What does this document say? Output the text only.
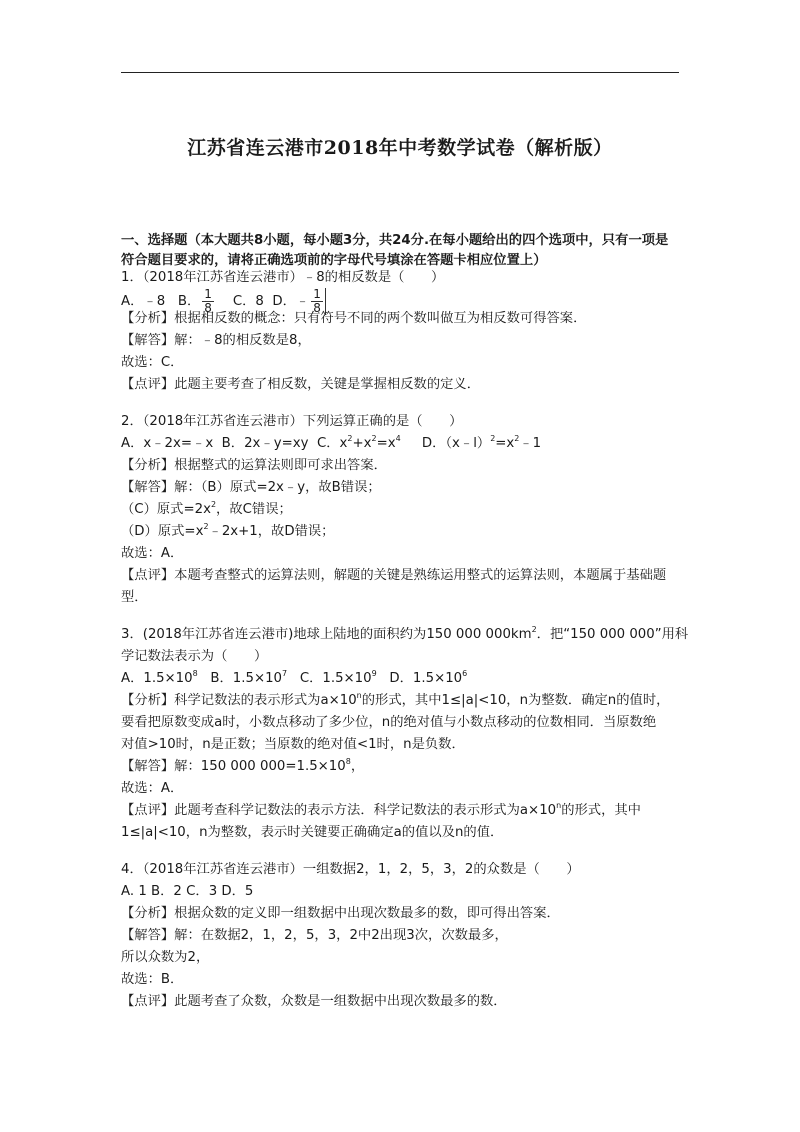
江苏省连云港市2018年中考数学试卷（解析版）
一、选择题（本大题共8小题，每小题3分，共24分.在每小题给出的四个选项中，只有一项是
符合题目要求的，请将正确选项前的字母代号填涂在答题卡相应位置上）
1．（2018年江苏省连云港市）﹣8的相反数是（　　）
A．﹣8 B． $\frac{1}{8}$ C．8 D．﹣ $\frac{1}{8}$
【分析】根据相反数的概念：只有符号不同的两个数叫做互为相反数可得答案．
【解答】解：﹣8的相反数是8，
故选：C．
【点评】此题主要考查了相反数，关键是掌握相反数的定义．
2．（2018年江苏省连云港市）下列运算正确的是（　　）
A．x﹣2x=﹣x B．2x﹣y=xy C．$x^2+x^2=x^4$ D．$(x﹣l)^2=x^2﹣1$
【分析】根据整式的运算法则即可求出答案．
【解答】解：（B）原式=2x﹣y，故B错误；
（C）原式$=2x^2$，故C错误；
（D）原式$=x^2﹣2x+1$，故D错误；
故选：A．
【点评】本题考查整式的运算法则，解题的关键是熟练运用整式的运算法则，本题属于基础题
型．
3．(2018年江苏省连云港市)地球上陆地的面积约为150 000 $000km^2$．把“150 000 000”用科
学记数法表示为（　　）
A．$1.5\times 10^8$ B．$1.5\times 10^7$ C．$1.5\times 10^9$ D．$1.5\times 10^6$
【分析】科学记数法的表示形式为$a\times 10^n$的形式，其中1≤|a|<10，n为整数．确定n的值时，
要看把原数变成a时，小数点移动了多少位，n的绝对值与小数点移动的位数相同．当原数绝
对值>10时，n是正数；当原数的绝对值<1时，n是负数．
【解答】解：150 000 $000=1.5\times 10^8$，
故选：A．
【点评】此题考查科学记数法的表示方法．科学记数法的表示形式为$a\times 10^n$的形式，其中
1≤|a|<10，n为整数，表示时关键要正确确定a的值以及n的值．
4．（2018年江苏省连云港市）一组数据2，1，2，5，3，2的众数是（　　）
A. 1 B．2 C．3 D．5
【分析】根据众数的定义即一组数据中出现次数最多的数，即可得出答案．
【解答】解：在数据2，1，2，5，3，2中2出现3次，次数最多，
所以众数为2，
故选：B．
【点评】此题考查了众数，众数是一组数据中出现次数最多的数．
